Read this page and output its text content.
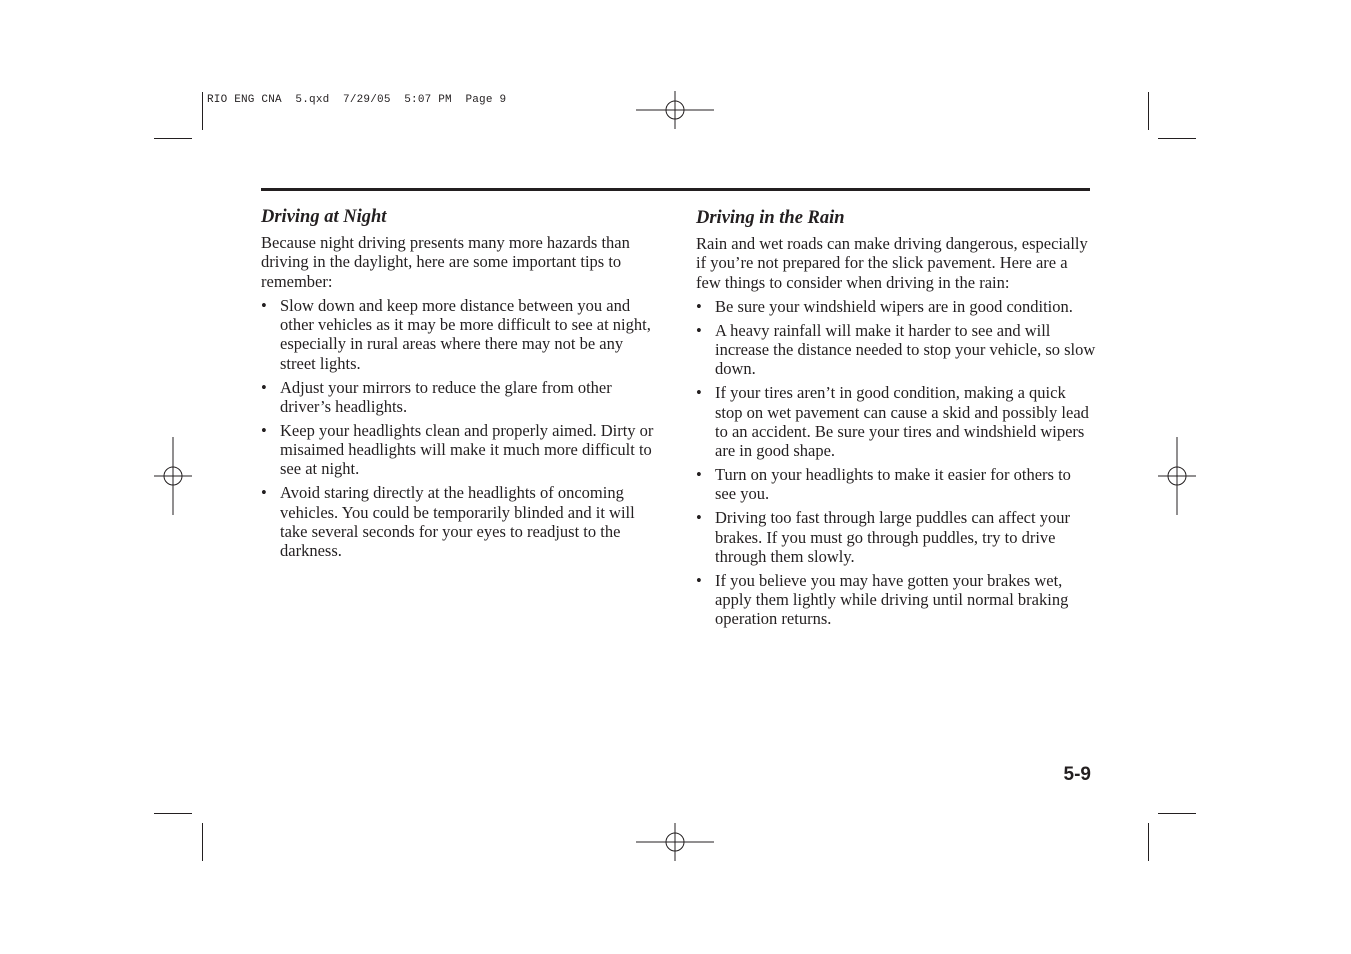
RIO ENG CNA  5.qxd  7/29/05  5:07 PM  Page 9
Driving at Night

Because night driving presents many more hazards than driving in the daylight, here are some important tips to remember:

• Slow down and keep more distance between you and other vehicles as it may be more difficult to see at night, especially in rural areas where there may not be any street lights.
• Adjust your mirrors to reduce the glare from other driver’s headlights.
• Keep your headlights clean and properly aimed. Dirty or misaimed headlights will make it much more difficult to see at night.
• Avoid staring directly at the headlights of oncoming vehicles. You could be temporarily blinded and it will take several seconds for your eyes to readjust to the darkness.
Driving in the Rain

Rain and wet roads can make driving dangerous, especially if you’re not prepared for the slick pavement. Here are a few things to consider when driving in the rain:

• Be sure your windshield wipers are in good condition.
• A heavy rainfall will make it harder to see and will increase the distance needed to stop your vehicle, so slow down.
• If your tires aren’t in good condition, making a quick stop on wet pavement can cause a skid and possibly lead to an accident. Be sure your tires and windshield wipers are in good shape.
• Turn on your headlights to make it easier for others to see you.
• Driving too fast through large puddles can affect your brakes. If you must go through puddles, try to drive through them slowly.
• If you believe you may have gotten your brakes wet, apply them lightly while driving until normal braking operation returns.
5-9
